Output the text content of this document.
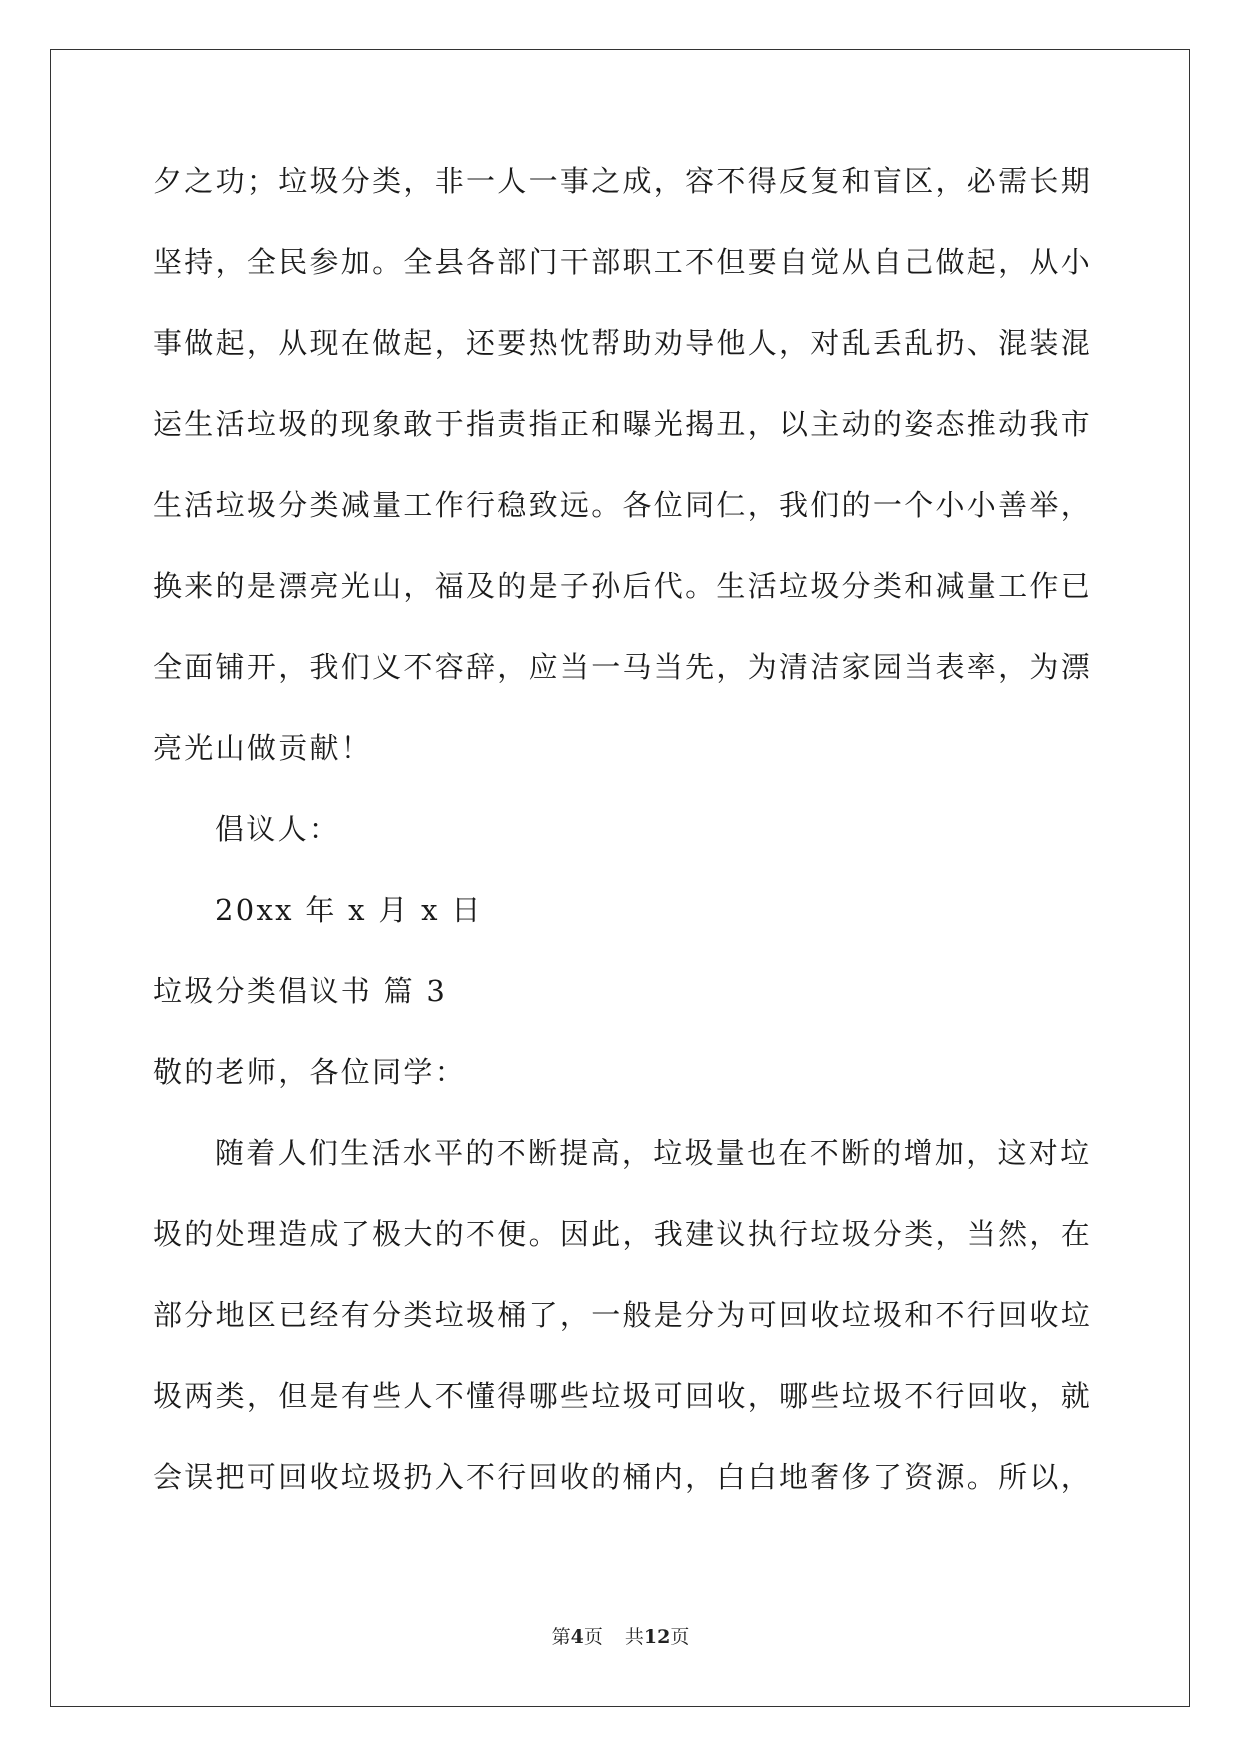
夕之功；垃圾分类，非一人一事之成，容不得反复和盲区，必需长期
坚持，全民参加。全县各部门干部职工不但要自觉从自己做起，从小
事做起，从现在做起，还要热忱帮助劝导他人，对乱丢乱扔、混装混
运生活垃圾的现象敢于指责指正和曝光揭丑，以主动的姿态推动我市
生活垃圾分类减量工作行稳致远。各位同仁，我们的一个小小善举，
换来的是漂亮光山，福及的是子孙后代。生活垃圾分类和减量工作已
全面铺开，我们义不容辞，应当一马当先，为清洁家园当表率，为漂
亮光山做贡献！
倡议人：
20xx 年 x 月 x 日
垃圾分类倡议书 篇 3
敬的老师，各位同学：
随着人们生活水平的不断提高，垃圾量也在不断的增加，这对垃
圾的处理造成了极大的不便。因此，我建议执行垃圾分类，当然，在
部分地区已经有分类垃圾桶了，一般是分为可回收垃圾和不行回收垃
圾两类，但是有些人不懂得哪些垃圾可回收，哪些垃圾不行回收，就
会误把可回收垃圾扔入不行回收的桶内，白白地奢侈了资源。所以，
第4页 共12页
